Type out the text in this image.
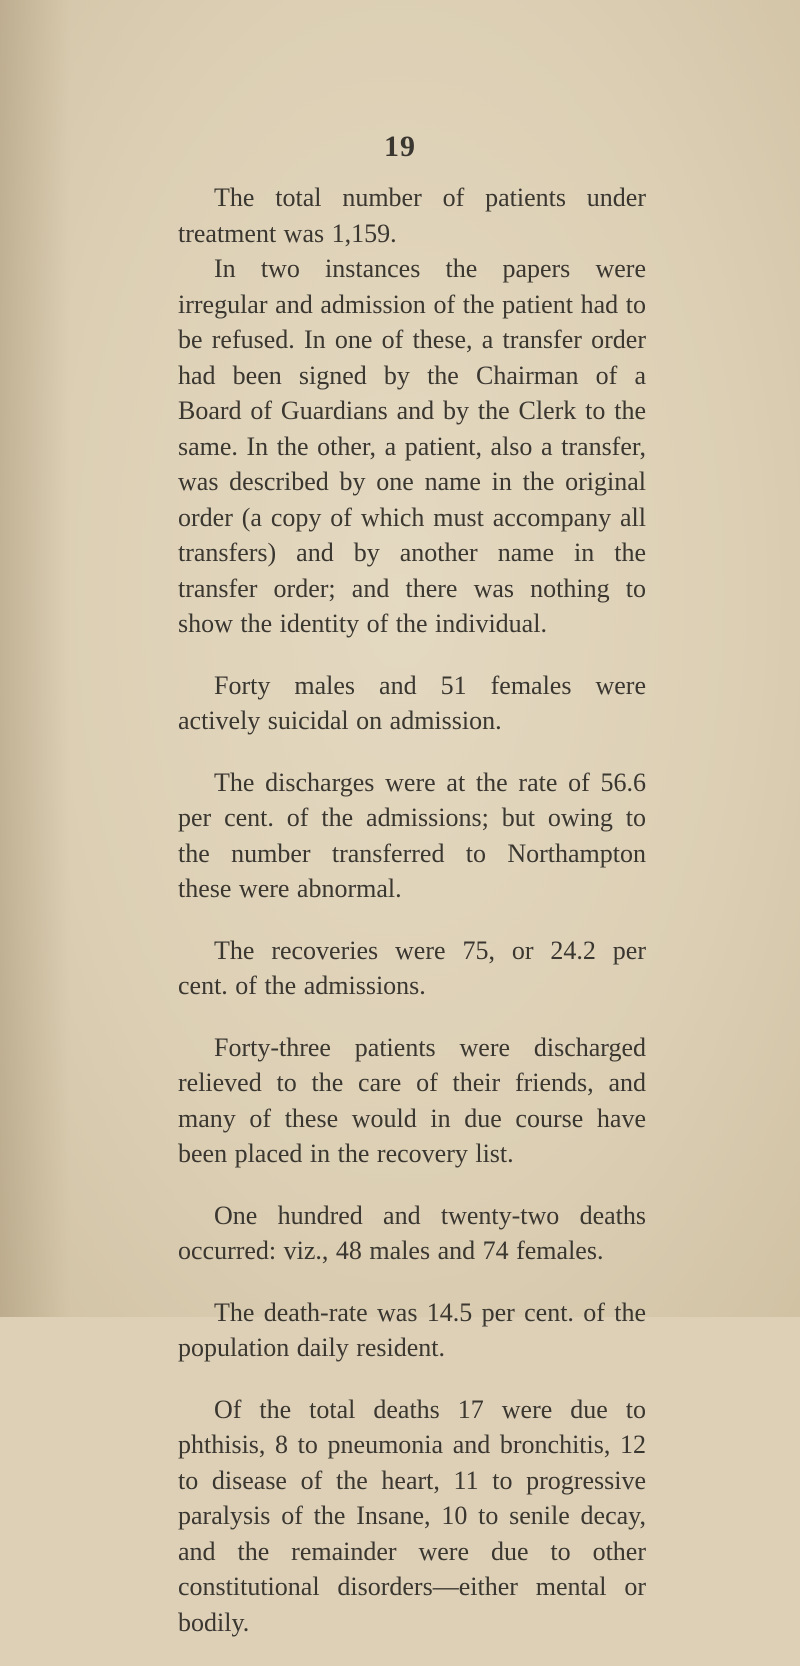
19

The total number of patients under treatment was 1,159.

In two instances the papers were irregular and admission of the patient had to be refused. In one of these, a transfer order had been signed by the Chairman of a Board of Guardians and by the Clerk to the same. In the other, a patient, also a transfer, was described by one name in the original order (a copy of which must accompany all transfers) and by another name in the transfer order; and there was nothing to show the identity of the individual.

Forty males and 51 females were actively suicidal on admission.

The discharges were at the rate of 56.6 per cent. of the admissions; but owing to the number transferred to Northampton these were abnormal.

The recoveries were 75, or 24.2 per cent. of the admissions.

Forty-three patients were discharged relieved to the care of their friends, and many of these would in due course have been placed in the recovery list.

One hundred and twenty-two deaths occurred: viz., 48 males and 74 females.

The death-rate was 14.5 per cent. of the population daily resident.

Of the total deaths 17 were due to phthisis, 8 to pneumonia and bronchitis, 12 to disease of the heart, 11 to progressive paralysis of the Insane, 10 to senile decay, and the remainder were due to other constitutional disorders—either mental or bodily.
